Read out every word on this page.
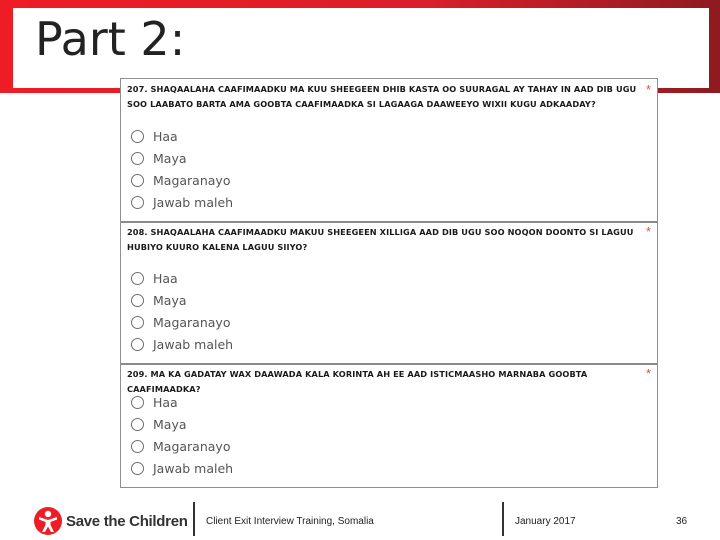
Part 2:
207. SHAQAALAHA CAAFIMAADKU MA KUU SHEEGEEN DHIB KASTA OO SUURAGAL AY TAHAY IN AAD DIB UGU SOO LAABATO BARTA AMA GOOBTA CAAFIMAADKA SI LAGAAGA DAAWEEYO WIXII KUGU ADKAADAY?
*
Haa
Maya
Magaranayo
Jawab maleh
208. SHAQAALAHA CAAFIMAADKU MAKUU SHEEGEEN XILLIGA AAD DIB UGU SOO NOQON DOONTO SI LAGUU HUBIYO KUURO KALENA LAGUU SIIYO?
*
Haa
Maya
Magaranayo
Jawab maleh
209. MA KA GADATAY WAX DAAWADA KALA KORINTA AH EE AAD ISTICMAASHO MARNABA GOOBTA CAAFIMAADKA?
*
Haa
Maya
Magaranayo
Jawab maleh
Save the Children Client Exit Interview Training, Somalia	January 2017	36
